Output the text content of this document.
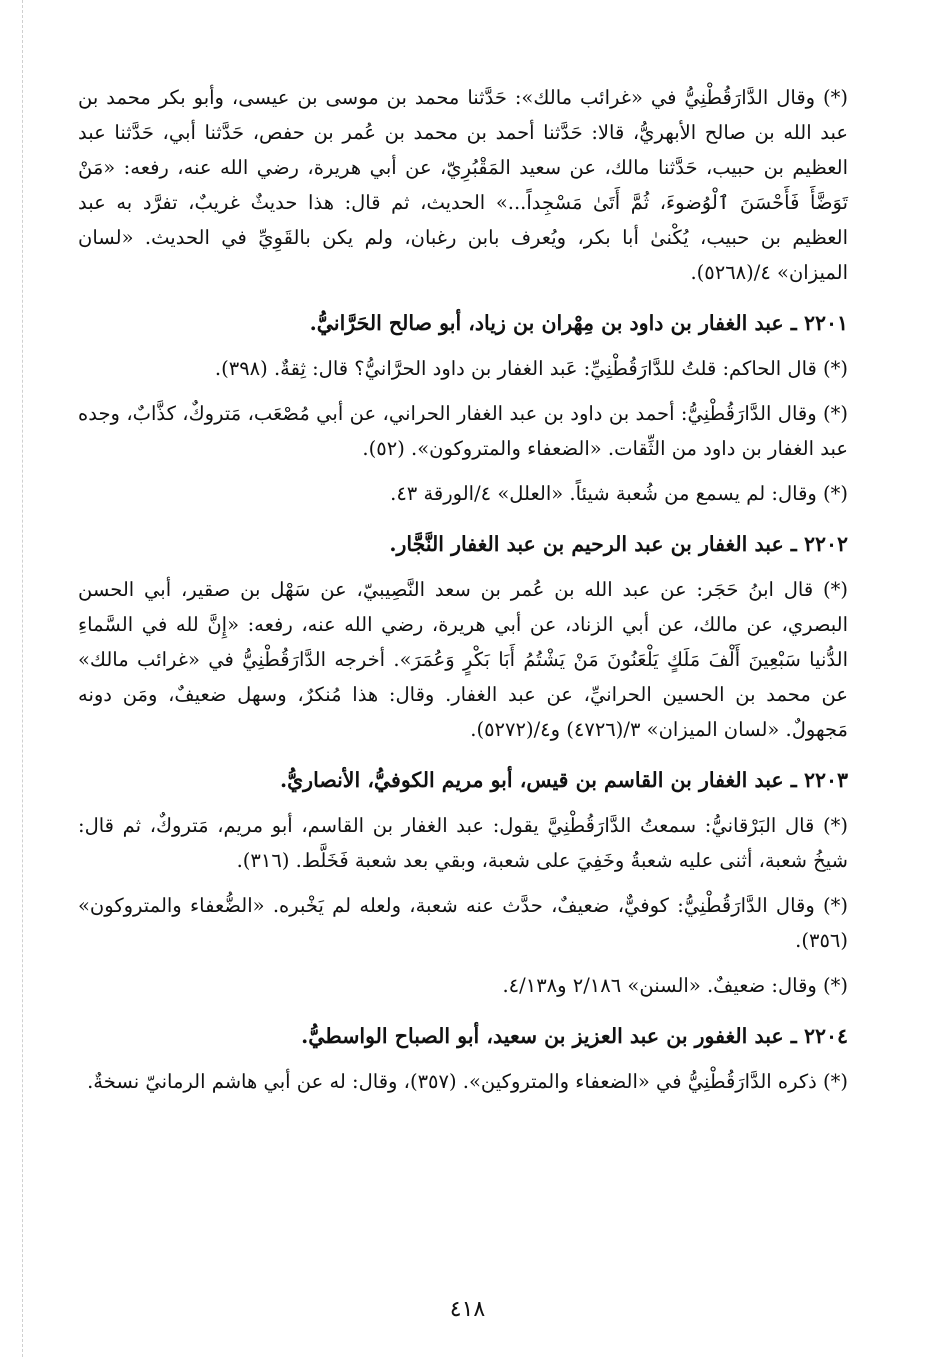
(*) وقال الدَّارَقُطْنِيُّ في «غرائب مالك»: حَدَّثنا محمد بن موسى بن عيسى، وأبو بكر محمد بن عبد الله بن صالح الأبهريُّ، قالا: حَدَّثنا أحمد بن محمد بن عُمر بن حفص، حَدَّثنا أبي، حَدَّثنا عبد العظيم بن حبيب، حَدَّثنا مالك، عن سعيد المَقْبُرِيّ، عن أبي هريرة، رضي الله عنه، رفعه: «مَنْ تَوَضَّأَ فَأَحْسَنَ ٱلْوُضوءَ، ثُمَّ أَتَىٰ مَسْجِداً...» الحديث، ثم قال: هذا حديثٌ غريبٌ، تفرَّد به عبد العظيم بن حبيب، يُكْنىٰ أبا بكر، ويُعرف بابن رغبان، ولم يكن بالقَوِيِّ في الحديث. «لسان الميزان» ٤/(٥٢٦٨).

٢٢٠١ ـ عبد الغفار بن داود بن مِهْران بن زياد، أبو صالح الحَرَّانيُّ.

(*) قال الحاكم: قلتُ للدَّارَقُطْنِيِّ: عَبد الغفار بن داود الحرَّانيُّ؟ قال: ثِقةٌ. (٣٩٨).

(*) وقال الدَّارَقُطْنِيُّ: أحمد بن داود بن عبد الغفار الحراني، عن أبي مُصْعَب، مَتروكٌ، كذَّابٌ، وجده عبد الغفار بن داود من الثِّقات. «الضعفاء والمتروكون». (٥٢).

(*) وقال: لم يسمع من شُعبة شيئاً. «العلل» ٤/الورقة ٤٣.

٢٢٠٢ ـ عبد الغفار بن عبد الرحيم بن عبد الغفار النَّجَّار.

(*) قال ابنُ حَجَر: عن عبد الله بن عُمر بن سعد النَّصِيبيّ، عن سَهْل بن صقير، أبي الحسن البصري، عن مالك، عن أبي الزناد، عن أبي هريرة، رضي الله عنه، رفعه: «إِنَّ لله في السَّماءِ الدُّنيا سَبْعِينَ أَلْفَ مَلَكٍ يَلْعَنُونَ مَنْ يَشْتُمُ أَبَا بَكْرٍ وَعُمَرَ». أخرجه الدَّارَقُطْنِيُّ في «غرائب مالك» عن محمد بن الحسين الحرانيِّ، عن عبد الغفار. وقال: هذا مُنكرٌ، وسهل ضعيفٌ، ومَن دونه مَجهولٌ. «لسان الميزان» ٣/(٤٧٢٦) و٤/(٥٢٧٢).

٢٢٠٣ ـ عبد الغفار بن القاسم بن قيس، أبو مريم الكوفيُّ، الأنصاريُّ.

(*) قال البَرْقانيُّ: سمعتُ الدَّارَقُطْنِيَّ يقول: عبد الغفار بن القاسم، أبو مريم، مَتروكٌ، ثم قال: شيخُ شعبة، أثنى عليه شعبةُ وخَفِيَ على شعبة، وبقي بعد شعبة فَخَلَّط. (٣١٦).

(*) وقال الدَّارَقُطْنِيُّ: كوفيٌّ، ضعيفٌ، حدَّث عنه شعبة، ولعله لم يَخْبره. «الضُّعفاء والمتروكون» (٣٥٦).

(*) وقال: ضعيفٌ. «السنن» ٢/١٨٦ و٤/١٣٨.

٢٢٠٤ ـ عبد الغفور بن عبد العزيز بن سعيد، أبو الصباح الواسطيُّ.

(*) ذكره الدَّارَقُطْنِيُّ في «الضعفاء والمتروكين». (٣٥٧)، وقال: له عن أبي هاشم الرمانيّ نسخةٌ.

٤١٨
